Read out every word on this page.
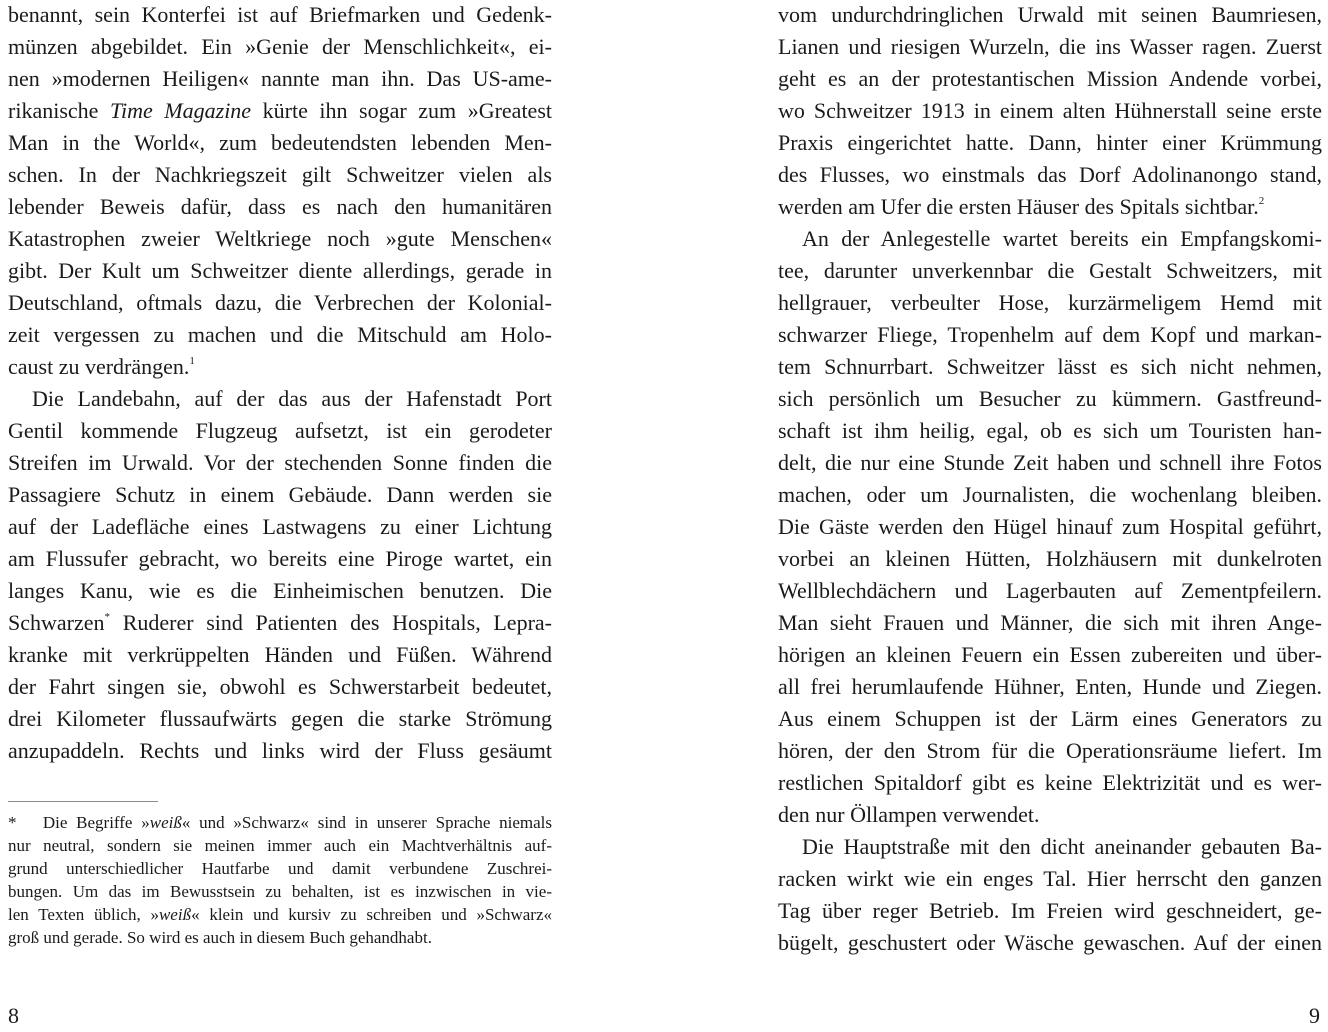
benannt, sein Konterfei ist auf Briefmarken und Gedenk-
münzen abgebildet. Ein »Genie der Menschlichkeit«, ei-
nen »modernen Heiligen« nannte man ihn. Das US-ame-
rikanische Time Magazine kürte ihn sogar zum »Greatest
Man in the World«, zum bedeutendsten lebenden Men-
schen. In der Nachkriegszeit gilt Schweitzer vielen als
lebender Beweis dafür, dass es nach den humanitären
Katastrophen zweier Weltkriege noch »gute Menschen«
gibt. Der Kult um Schweitzer diente allerdings, gerade in
Deutschland, oftmals dazu, die Verbrechen der Kolonial-
zeit vergessen zu machen und die Mitschuld am Holo-
caust zu verdrängen.$^1$
Die Landebahn, auf der das aus der Hafenstadt Port
Gentil kommende Flugzeug aufsetzt, ist ein gerodeter
Streifen im Urwald. Vor der stechenden Sonne finden die
Passagiere Schutz in einem Gebäude. Dann werden sie
auf der Ladefläche eines Lastwagens zu einer Lichtung
am Flussufer gebracht, wo bereits eine Piroge wartet, ein
langes Kanu, wie es die Einheimischen benutzen. Die
Schwarzen* Ruderer sind Patienten des Hospitals, Lepra-
kranke mit verkrüppelten Händen und Füßen. Während
der Fahrt singen sie, obwohl es Schwerstarbeit bedeutet,
drei Kilometer flussaufwärts gegen die starke Strömung
anzupaddeln. Rechts und links wird der Fluss gesäumt
* Die Begriffe »weiß« und »Schwarz« sind in unserer Sprache niemals
nur neutral, sondern sie meinen immer auch ein Machtverhältnis auf-
grund unterschiedlicher Hautfarbe und damit verbundene Zuschrei-
bungen. Um das im Bewusstsein zu behalten, ist es inzwischen in vie-
len Texten üblich, »weiß« klein und kursiv zu schreiben und »Schwarz«
groß und gerade. So wird es auch in diesem Buch gehandhabt.
8
vom undurchdringlichen Urwald mit seinen Baumriesen,
Lianen und riesigen Wurzeln, die ins Wasser ragen. Zuerst
geht es an der protestantischen Mission Andende vorbei,
wo Schweitzer 1913 in einem alten Hühnerstall seine erste
Praxis eingerichtet hatte. Dann, hinter einer Krümmung
des Flusses, wo einstmals das Dorf Adolinanongo stand,
werden am Ufer die ersten Häuser des Spitals sichtbar.$^2$
An der Anlegestelle wartet bereits ein Empfangskomi-
tee, darunter unverkennbar die Gestalt Schweitzers, mit
hellgrauer, verbeulter Hose, kurzärmeligem Hemd mit
schwarzer Fliege, Tropenhelm auf dem Kopf und markan-
tem Schnurrbart. Schweitzer lässt es sich nicht nehmen,
sich persönlich um Besucher zu kümmern. Gastfreund-
schaft ist ihm heilig, egal, ob es sich um Touristen han-
delt, die nur eine Stunde Zeit haben und schnell ihre Fotos
machen, oder um Journalisten, die wochenlang bleiben.
Die Gäste werden den Hügel hinauf zum Hospital geführt,
vorbei an kleinen Hütten, Holzhäusern mit dunkelroten
Wellblechdächern und Lagerbauten auf Zementpfeilern.
Man sieht Frauen und Männer, die sich mit ihren Ange-
hörigen an kleinen Feuern ein Essen zubereiten und über-
all frei herumlaufende Hühner, Enten, Hunde und Ziegen.
Aus einem Schuppen ist der Lärm eines Generators zu
hören, der den Strom für die Operationsräume liefert. Im
restlichen Spitaldorf gibt es keine Elektrizität und es wer-
den nur Öllampen verwendet.
Die Hauptstraße mit den dicht aneinander gebauten Ba-
racken wirkt wie ein enges Tal. Hier herrscht den ganzen
Tag über reger Betrieb. Im Freien wird geschneidert, ge-
bügelt, geschustert oder Wäsche gewaschen. Auf der einen
9
